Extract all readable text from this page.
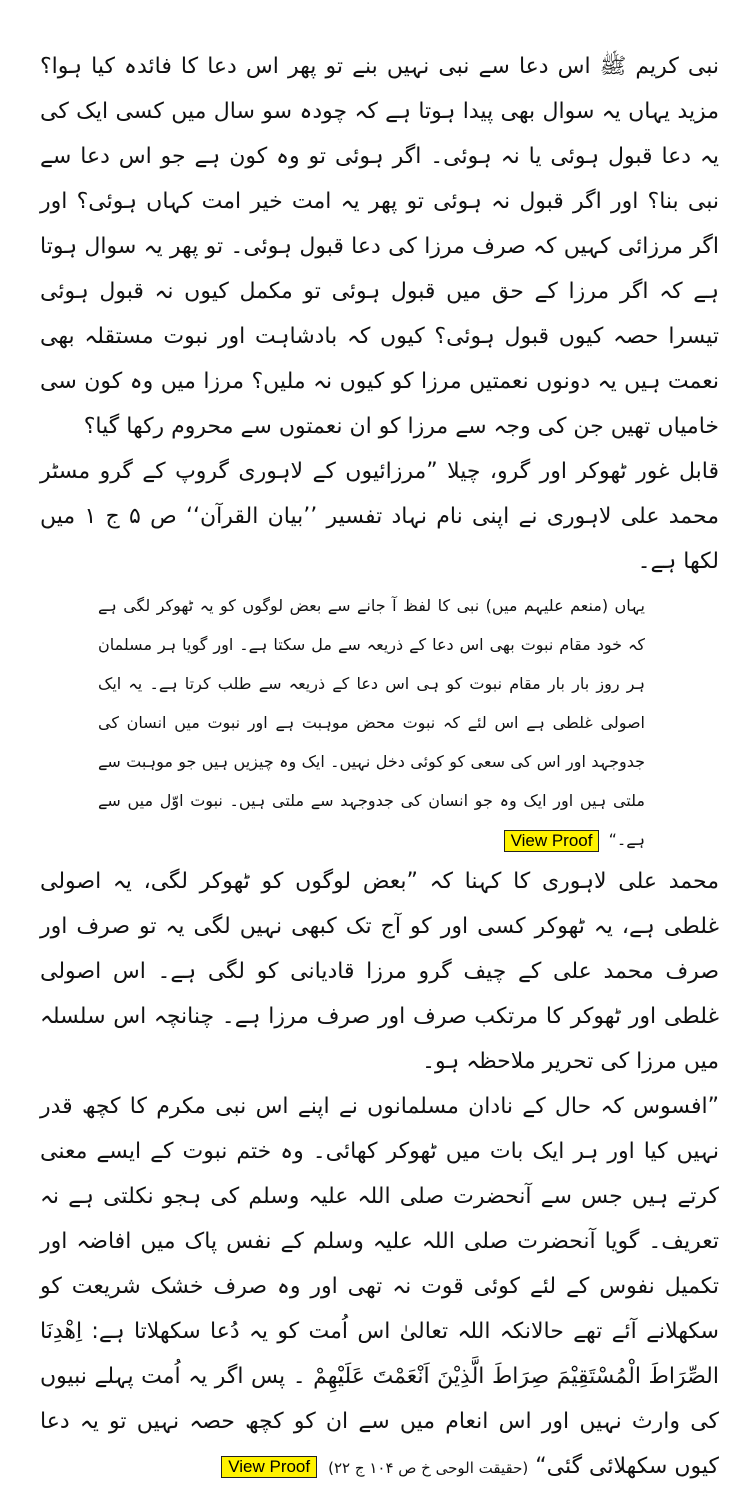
نبی کریم ﷺ اس دعا سے نبی نہیں بنے تو پھر اس دعا کا فائدہ کیا ہوا؟ مزید یہاں یہ سوال بھی پیدا ہوتا ہے کہ چودہ سو سال میں کسی ایک کی یہ دعا قبول ہوئی یا نہ ہوئی۔ اگر ہوئی تو وہ کون ہے جو اس دعا سے نبی بنا؟ اور اگر قبول نہ ہوئی تو پھر یہ امت خیر امت کہاں ہوئی؟ اور اگر مرزائی کہیں کہ صرف مرزا کی دعا قبول ہوئی۔ تو پھر یہ سوال ہوتا ہے کہ اگر مرزا کے حق میں قبول ہوئی تو مکمل کیوں نہ قبول ہوئی تیسرا حصہ کیوں قبول ہوئی؟ کیوں کہ بادشاہت اور نبوت مستقلہ بھی نعمت ہیں یہ دونوں نعمتیں مرزا کو کیوں نہ ملیں؟ مرزا میں وہ کون سی خامیاں تھیں جن کی وجہ سے مرزا کو ان نعمتوں سے محروم رکھا گیا؟

قابل غور ٹھوکر اور گرو، چیلا ”مرزائیوں کے لاہوری گروپ کے گرو مسٹر محمد علی لاہوری نے اپنی نام نہاد تفسیر ’’بیان القرآن‘‘ ص ۵ ج ۱ میں لکھا ہے۔

یہاں (منعم علیہم میں) نبی کا لفظ آ جانے سے بعض لوگوں کو یہ ٹھوکر لگی ہے کہ خود مقام نبوت بھی اس دعا کے ذریعہ سے مل سکتا ہے۔ اور گویا ہر مسلمان ہر روز بار بار مقام نبوت کو ہی اس دعا کے ذریعہ سے طلب کرتا ہے۔ یہ ایک اصولی غلطی ہے اس لئے کہ نبوت محض موہبت ہے اور نبوت میں انسان کی جدوجہد اور اس کی سعی کو کوئی دخل نہیں۔ ایک وہ چیزیں ہیں جو موہبت سے ملتی ہیں اور ایک وہ جو انسان کی جدوجہد سے ملتی ہیں۔ نبوت اوّل میں سے ہے۔“ View Proof

محمد علی لاہوری کا کہنا کہ ”بعض لوگوں کو ٹھوکر لگی، یہ اصولی غلطی ہے، یہ ٹھوکر کسی اور کو آج تک کبھی نہیں لگی یہ تو صرف اور صرف محمد علی کے چیف گرو مرزا قادیانی کو لگی ہے۔ اس اصولی غلطی اور ٹھوکر کا مرتکب صرف اور صرف مرزا ہے۔ چنانچہ اس سلسلہ میں مرزا کی تحریر ملاحظہ ہو۔

”افسوس کہ حال کے نادان مسلمانوں نے اپنے اس نبی مکرم کا کچھ قدر نہیں کیا اور ہر ایک بات میں ٹھوکر کھائی۔ وہ ختم نبوت کے ایسے معنی کرتے ہیں جس سے آنحضرت صلی اللہ علیہ وسلم کی ہجو نکلتی ہے نہ تعریف۔ گویا آنحضرت صلی اللہ علیہ وسلم کے نفس پاک میں افاضہ اور تکمیل نفوس کے لئے کوئی قوت نہ تھی اور وہ صرف خشک شریعت کو سکھلانے آئے تھے حالانکہ اللہ تعالیٰ اس اُمت کو یہ دُعا سکھلاتا ہے: اِھْدِنَا الصِّرَاطَ الْمُسْتَقِیْمَ صِرَاطَ الَّذِیْنَ اَنْعَمْتَ عَلَیْھِمْ ۔ پس اگر یہ اُمت پہلے نبیوں کی وارث نہیں اور اس انعام میں سے ان کو کچھ حصہ نہیں تو یہ دعا کیوں سکھلائی گئی“ (حقیقت الوحی خ ص ۱۰۴ ج ۲۲) View Proof
